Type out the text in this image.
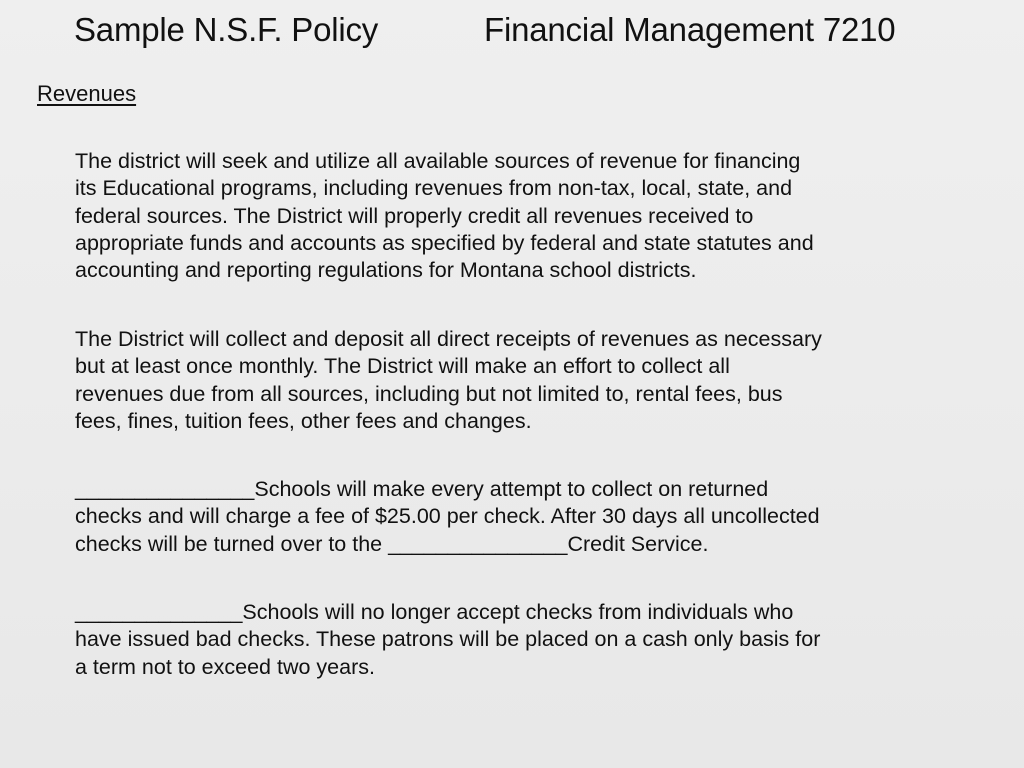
Sample N.S.F. Policy	Financial Management 7210
Revenues
The district will seek and utilize all available sources of revenue for financing
its Educational programs, including revenues from non-tax, local, state, and
federal sources. The District will properly credit all revenues received to
appropriate funds and accounts as specified by federal and state statutes and
accounting and reporting regulations for Montana school districts.
The District will collect and deposit all direct receipts of revenues as necessary
but at least once monthly. The District will make an effort to collect all
revenues due from all sources, including but not limited to, rental fees, bus
fees, fines, tuition fees, other fees and changes.
_______________Schools will make every attempt to collect on returned
checks and will charge a fee of $25.00 per check. After 30 days all uncollected
checks will be turned over to the _______________Credit Service.
______________Schools will no longer accept checks from individuals who
have issued bad checks. These patrons will be placed on a cash only basis for
a term not to exceed two years.
